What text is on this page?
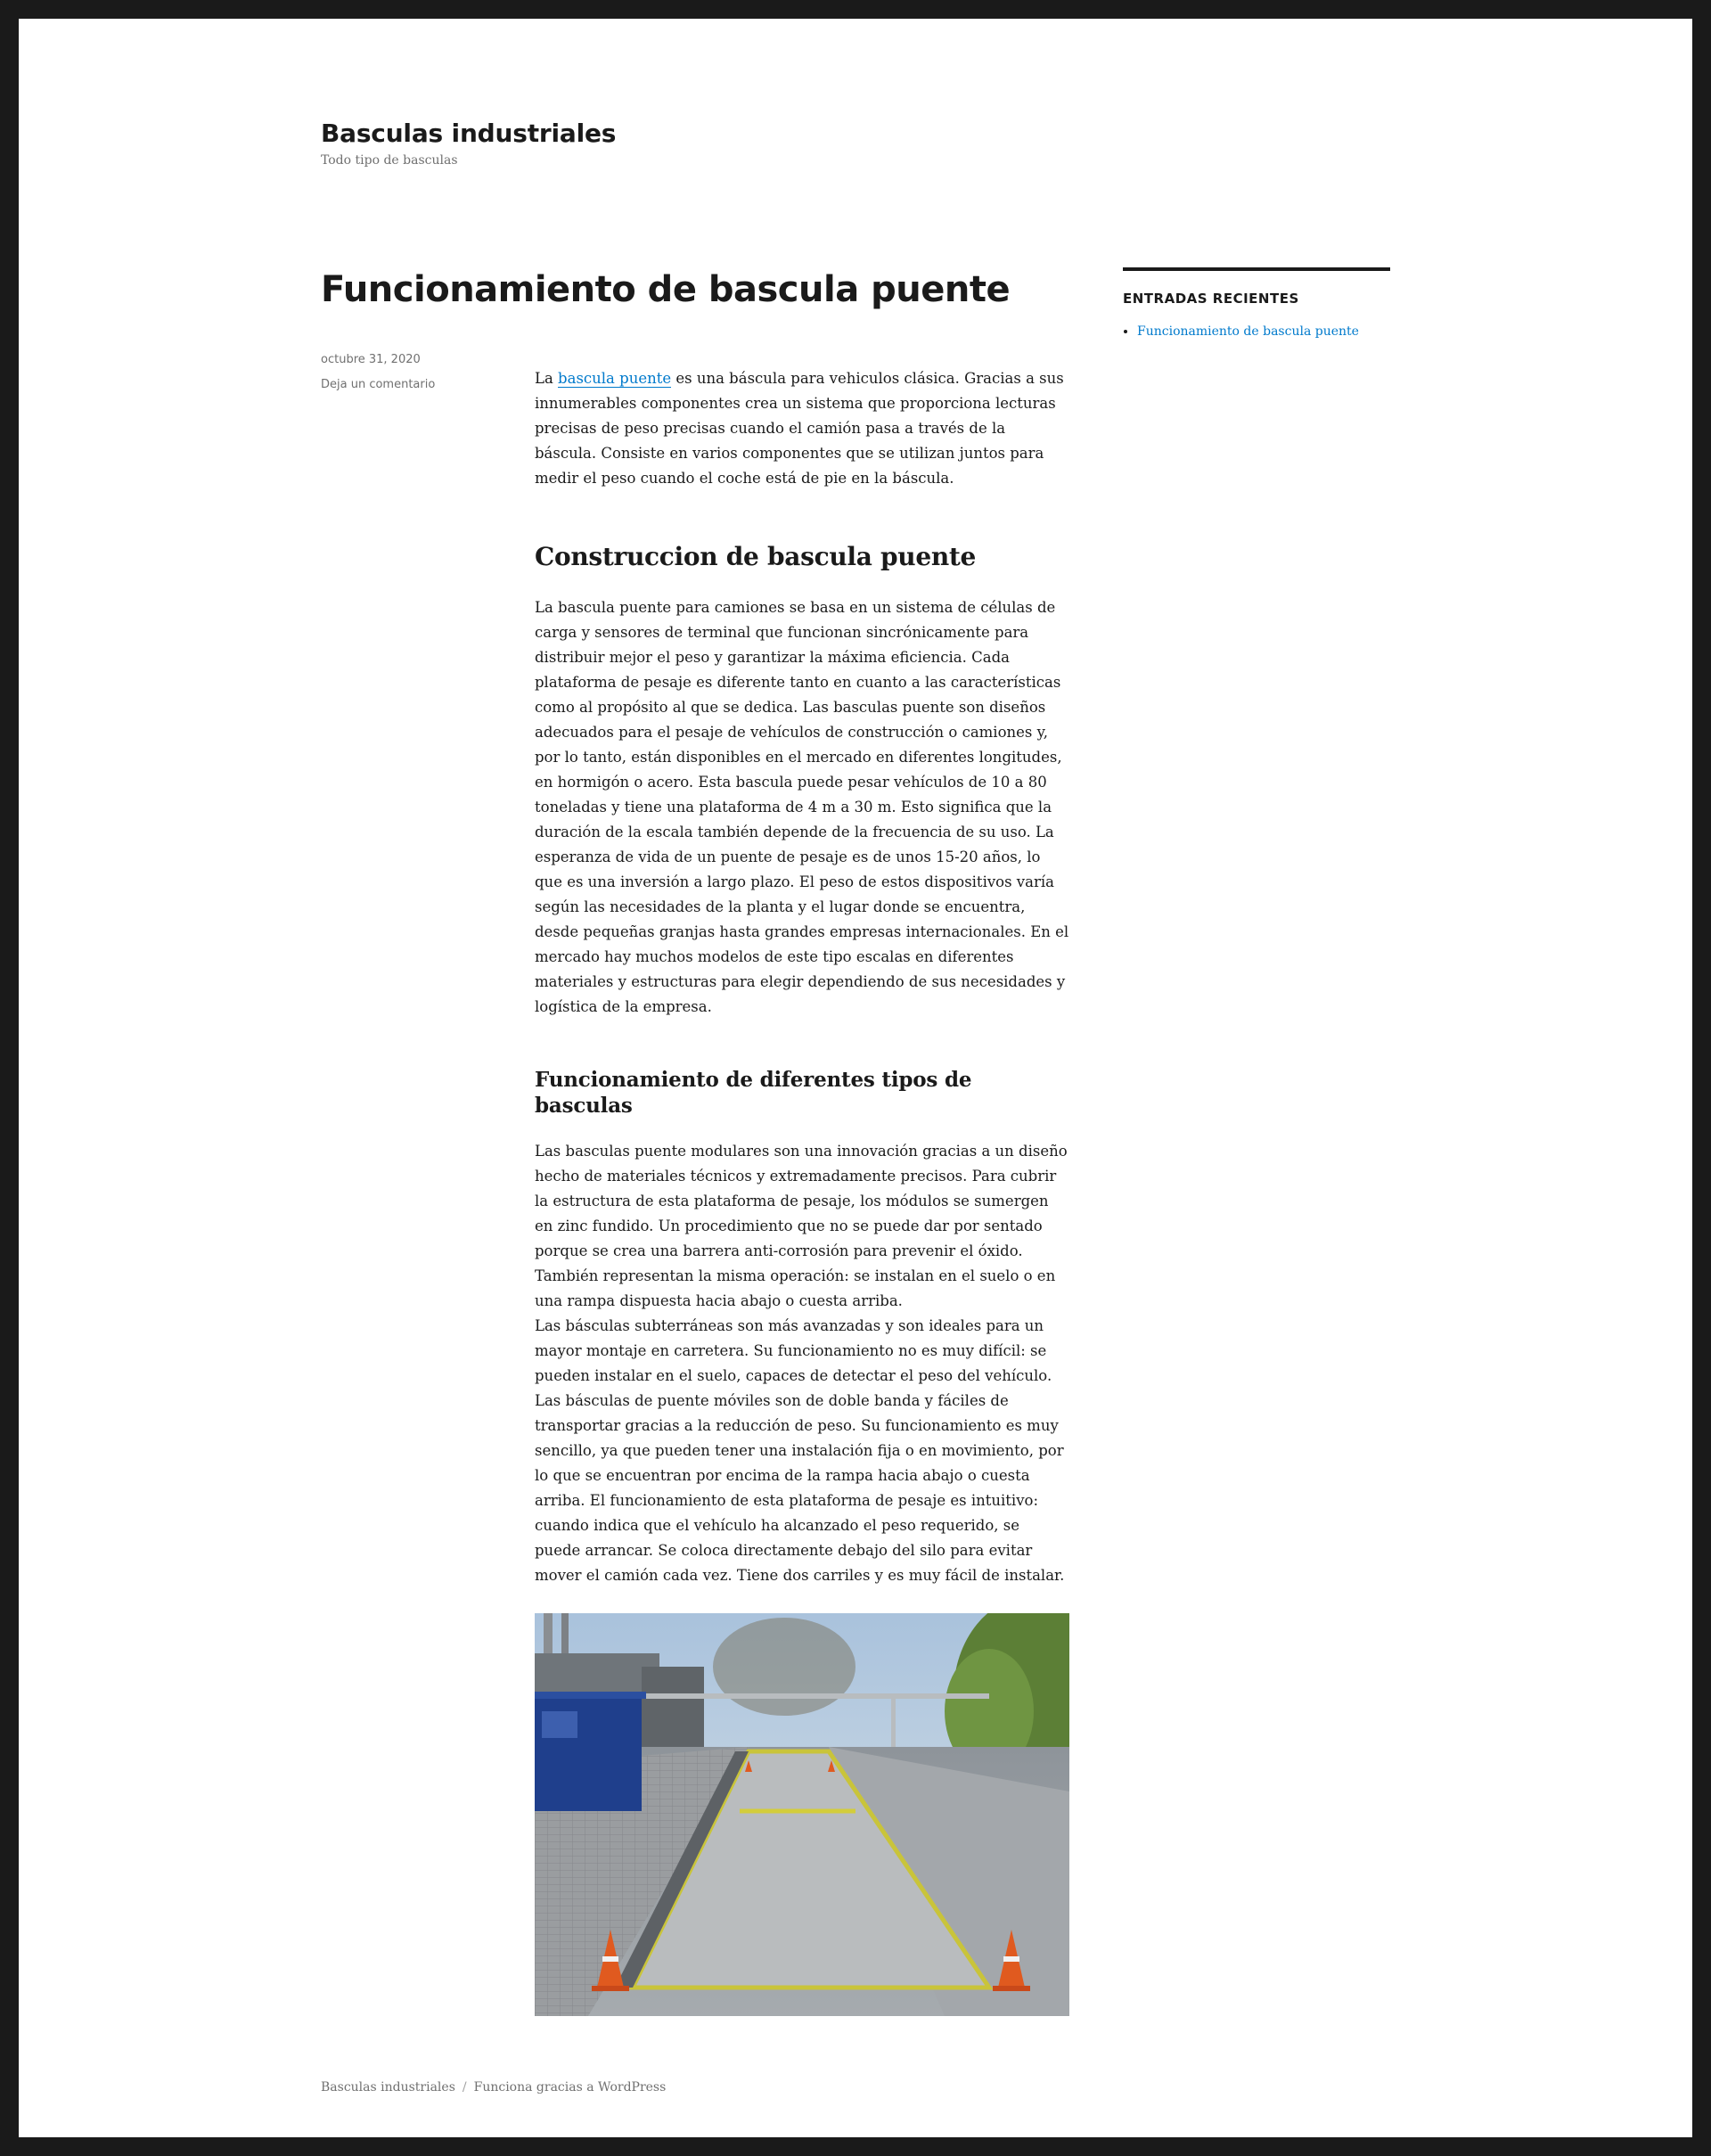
Basculas industriales
Todo tipo de basculas
Funcionamiento de bascula puente
octubre 31, 2020
Deja un comentario	La bascula puente es una báscula para vehiculos clásica. Gracias a sus innumerables componentes crea un sistema que proporciona lecturas precisas de peso precisas cuando el camión pasa a través de la báscula. Consiste en varios componentes que se utilizan juntos para medir el peso cuando el coche está de pie en la báscula.

Construccion de bascula puente

La bascula puente para camiones se basa en un sistema de células de carga y sensores de terminal que funcionan sincrónicamente para distribuir mejor el peso y garantizar la máxima eficiencia. Cada plataforma de pesaje es diferente tanto en cuanto a las características como al propósito al que se dedica. Las basculas puente son diseños adecuados para el pesaje de vehículos de construcción o camiones y, por lo tanto, están disponibles en el mercado en diferentes longitudes, en hormigón o acero. Esta bascula puede pesar vehículos de 10 a 80 toneladas y tiene una plataforma de 4 m a 30 m. Esto significa que la duración de la escala también depende de la frecuencia de su uso. La esperanza de vida de un puente de pesaje es de unos 15-20 años, lo que es una inversión a largo plazo. El peso de estos dispositivos varía según las necesidades de la planta y el lugar donde se encuentra, desde pequeñas granjas hasta grandes empresas internacionales. En el mercado hay muchos modelos de este tipo escalas en diferentes materiales y estructuras para elegir dependiendo de sus necesidades y logística de la empresa.

Funcionamiento de diferentes tipos de basculas

Las basculas puente modulares son una innovación gracias a un diseño hecho de materiales técnicos y extremadamente precisos. Para cubrir la estructura de esta plataforma de pesaje, los módulos se sumergen en zinc fundido. Un procedimiento que no se puede dar por sentado porque se crea una barrera anti-corrosión para prevenir el óxido. También representan la misma operación: se instalan en el suelo o en una rampa dispuesta hacia abajo o cuesta arriba.

Las básculas subterráneas son más avanzadas y son ideales para un mayor montaje en carretera. Su funcionamiento no es muy difícil: se pueden instalar en el suelo, capaces de detectar el peso del vehículo.

Las básculas de puente móviles son de doble banda y fáciles de transportar gracias a la reducción de peso. Su funcionamiento es muy sencillo, ya que pueden tener una instalación fija o en movimiento, por lo que se encuentran por encima de la rampa hacia abajo o cuesta arriba. El funcionamiento de esta plataforma de pesaje es intuitivo: cuando indica que el vehículo ha alcanzado el peso requerido, se puede arrancar. Se coloca directamente debajo del silo para evitar mover el camión cada vez. Tiene dos carriles y es muy fácil de instalar.

ENTRADAS RECIENTES
• Funcionamiento de bascula puente
Basculas industriales / Funciona gracias a WordPress
